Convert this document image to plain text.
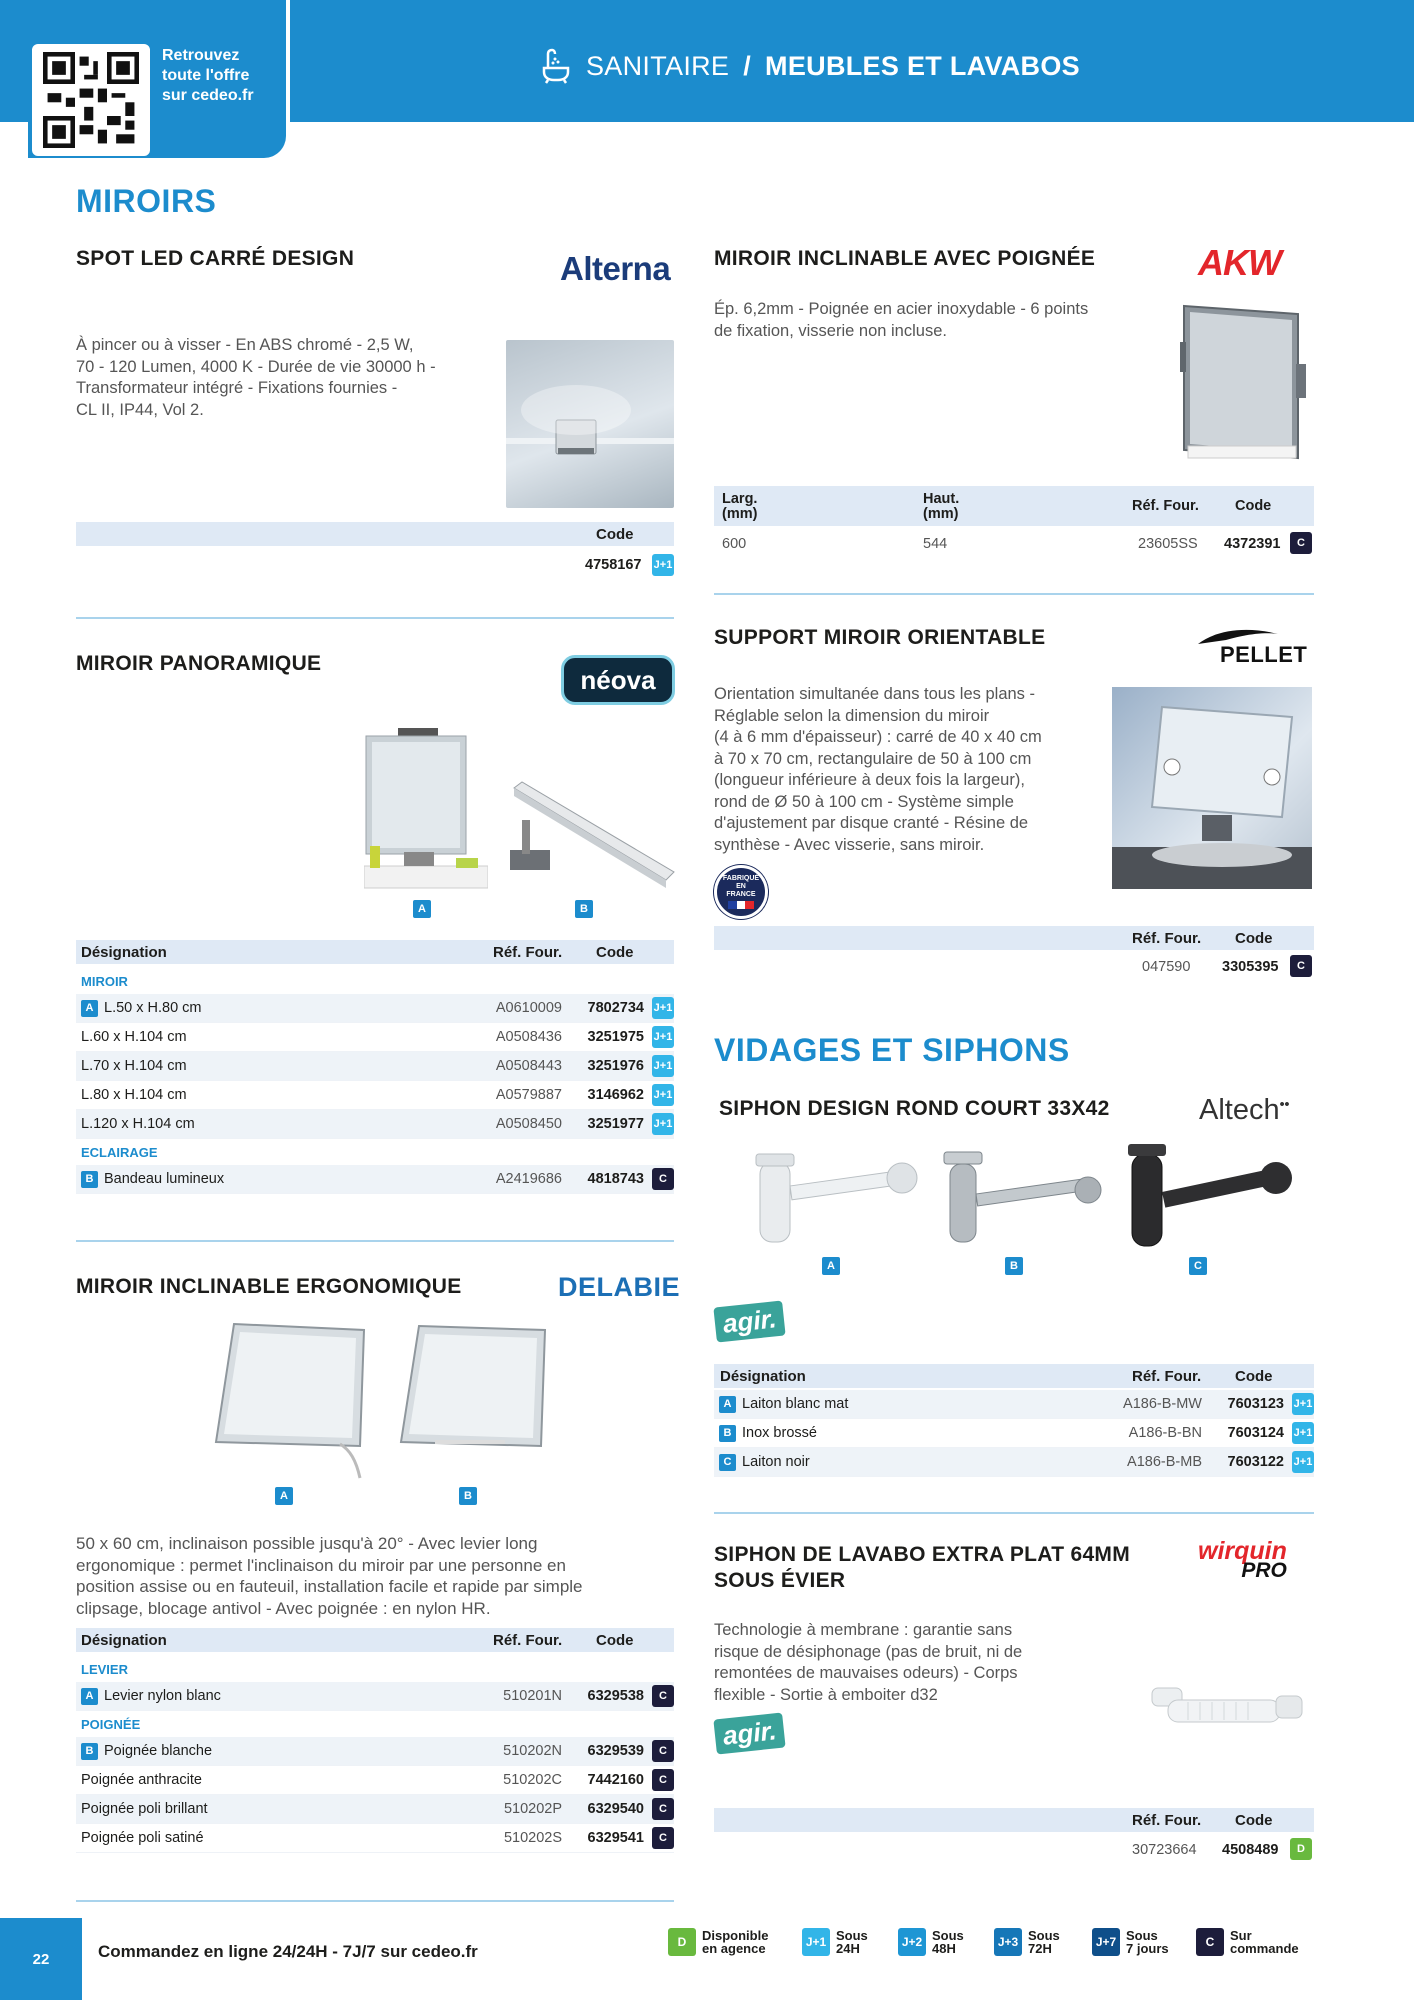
Retrouvez
toute l'offre
sur cedeo.fr
SANITAIRE / MEUBLES ET LAVABOS
MIROIRS
SPOT LED CARRÉ DESIGN	Alterna
À pincer ou à visser - En ABS chromé - 2,5 W,
70 - 120 Lumen, 4000 K - Durée de vie 30000 h -
Transformateur intégré - Fixations fournies -
CL II, IP44, Vol 2.
Code
4758167 J+1
MIROIR PANORAMIQUE
néova
A	B
Désignation	Réf. Four. Code
MIROIR
A L.50 x H.80 cm	A0610009 7802734 J+1
L.60 x H.104 cm	A0508436 3251975 J+1
L.70 x H.104 cm	A0508443 3251976 J+1
L.80 x H.104 cm	A0579887 3146962 J+1
L.120 x H.104 cm	A0508450 3251977 J+1
ECLAIRAGE
B Bandeau lumineux	A2419686 4818743	C
MIROIR INCLINABLE ERGONOMIQUE	DELABIE
A	B
50 x 60 cm, inclinaison possible jusqu'à 20° - Avec levier long
ergonomique : permet l'inclinaison du miroir par une personne en
position assise ou en fauteuil, installation facile et rapide par simple
clipsage, blocage antivol - Avec poignée : en nylon HR.
Désignation	Réf. Four. Code
LEVIER
A Levier nylon blanc	510201N 6329538	C
POIGNÉE
B Poignée blanche	510202N 6329539	C
Poignée anthracite	510202C 7442160	C
Poignée poli brillant	510202P 6329540	C
Poignée poli satiné	510202S 6329541	C
MIROIR INCLINABLE AVEC POIGNÉE	AKW
Ép. 6,2mm - Poignée en acier inoxydable - 6 points
de fixation, visserie non incluse.
Larg.
(mm)
Haut.
(mm)	Réf. Four. Code
600	544	23605SS 4372391	C
SUPPORT MIROIR ORIENTABLE
PELLET
Orientation simultanée dans tous les plans -
Réglable selon la dimension du miroir
(4 à 6 mm d'épaisseur) : carré de 40 x 40 cm
à 70 x 70 cm, rectangulaire de 50 à 100 cm
(longueur inférieure à deux fois la largeur),
rond de Ø 50 à 100 cm - Système simple
d'ajustement par disque cranté - Résine de
synthèse - Avec visserie, sans miroir.
FABRIQUÉ
EN
FRANCE
Réf. Four. Code
047590 3305395	C
VIDAGES ET SIPHONS
SIPHON DESIGN ROND COURT 33X42	Altech••
A	B	C
agir.
Désignation	Réf. Four. Code
A Laiton blanc mat	A186-B-MW 7603123 J+1
B Inox brossé	A186-B-BN 7603124 J+1
C Laiton noir	A186-B-MB 7603122 J+1
SIPHON DE LAVABO EXTRA PLAT 64MM
SOUS ÉVIER
wirquin
PRO
Technologie à membrane : garantie sans
risque de désiphonage (pas de bruit, ni de
remontées de mauvaises odeurs) - Corps
flexible - Sortie à emboiter d32
agir.
Réf. Four. Code
30723664 4508489	D
22	Commandez en ligne 24/24H - 7J/7 sur cedeo.fr
D	Disponible
en agence	J+1 Sous
24H	J+2 Sous
48H	J+3 Sous
72H	J+7 Sous
7 jours	C	Sur
commande
